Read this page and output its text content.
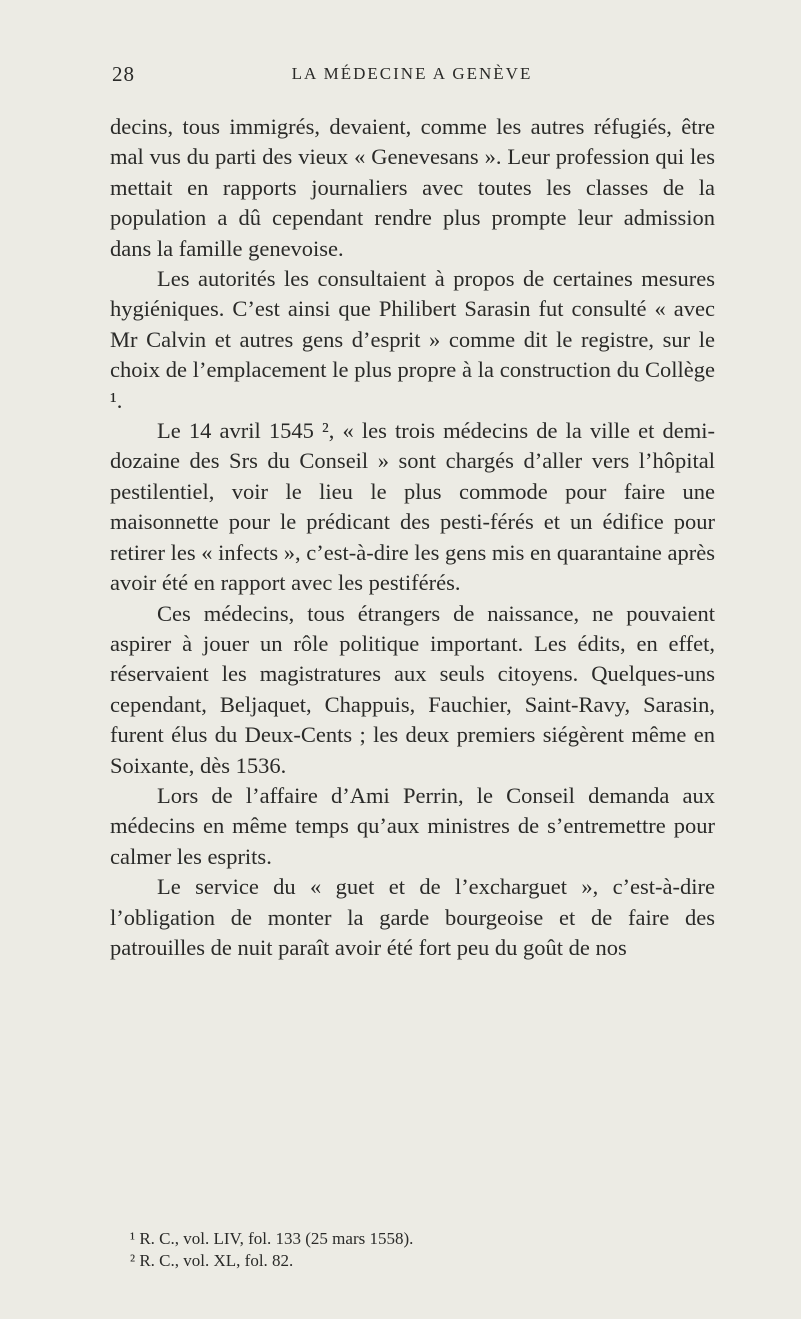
28	LA MÉDECINE A GENÈVE

decins, tous immigrés, devaient, comme les autres réfugiés, être mal vus du parti des vieux « Genevesans ». Leur profession qui les mettait en rapports journaliers avec toutes les classes de la population a dû cependant rendre plus prompte leur admission dans la famille genevoise.

Les autorités les consultaient à propos de certaines mesures hygiéniques. C’est ainsi que Philibert Sarasin fut consulté « avec Mr Calvin et autres gens d’esprit » comme dit le registre, sur le choix de l’emplacement le plus propre à la construction du Collège ¹.

Le 14 avril 1545 ², « les trois médecins de la ville et demi-dozaine des Srs du Conseil » sont chargés d’aller vers l’hôpital pestilentiel, voir le lieu le plus commode pour faire une maisonnette pour le prédicant des pesti-férés et un édifice pour retirer les « infects », c’est-à-dire les gens mis en quarantaine après avoir été en rapport avec les pestiférés.

Ces médecins, tous étrangers de naissance, ne pouvaient aspirer à jouer un rôle politique important. Les édits, en effet, réservaient les magistratures aux seuls citoyens. Quelques-uns cependant, Beljaquet, Chappuis, Fauchier, Saint-Ravy, Sarasin, furent élus du Deux-Cents ; les deux premiers siégèrent même en Soixante, dès 1536.

Lors de l’affaire d’Ami Perrin, le Conseil demanda aux médecins en même temps qu’aux ministres de s’entremettre pour calmer les esprits.

Le service du « guet et de l’excharguet », c’est-à-dire l’obligation de monter la garde bourgeoise et de faire des patrouilles de nuit paraît avoir été fort peu du goût de nos

¹ R. C., vol. LIV, fol. 133 (25 mars 1558).
² R. C., vol. XL, fol. 82.
